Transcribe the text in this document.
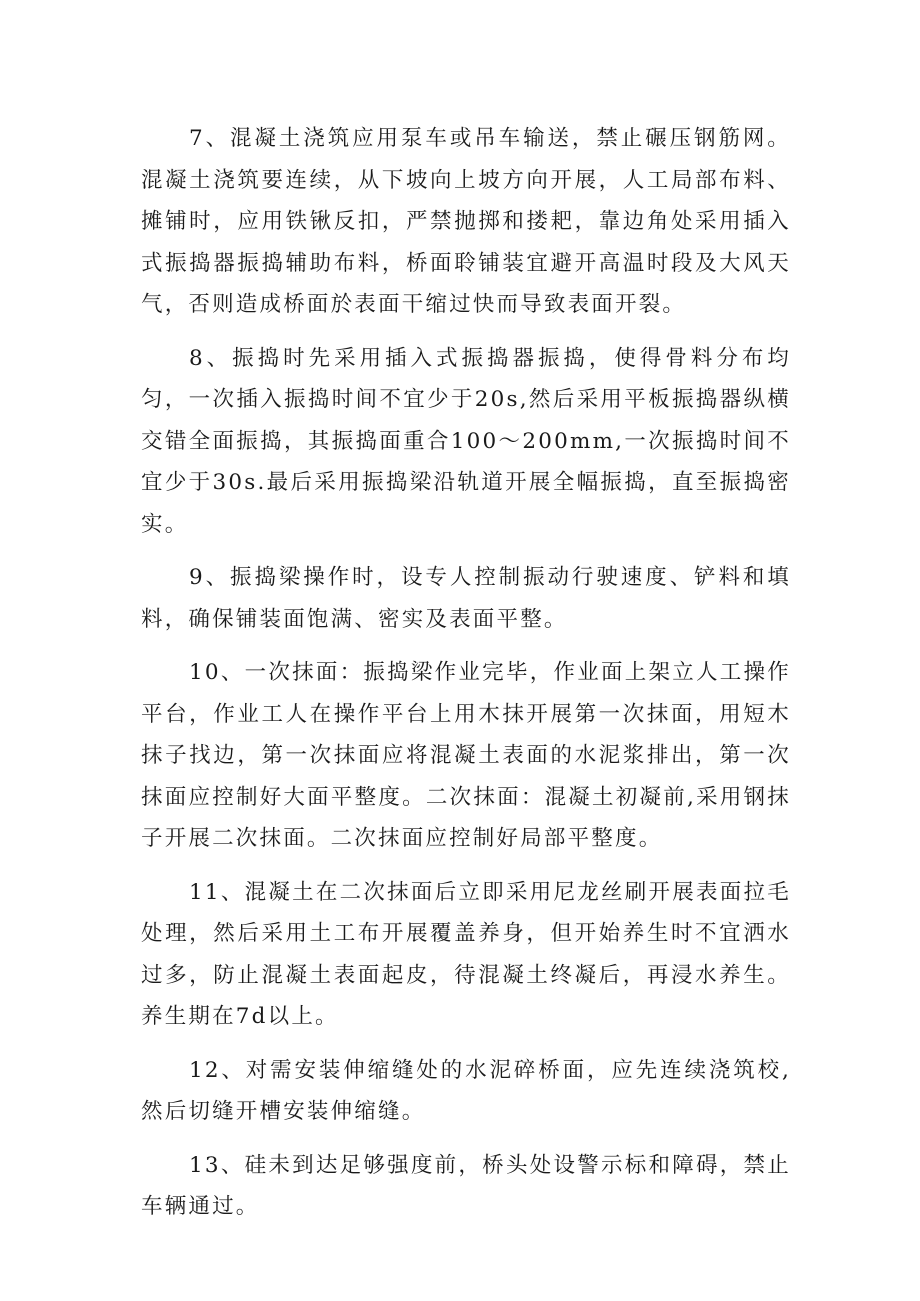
7、混凝土浇筑应用泵车或吊车输送，禁止碾压钢筋网。混凝土浇筑要连续，从下坡向上坡方向开展，人工局部布料、摊铺时，应用铁锹反扣，严禁抛掷和搂耙，靠边角处采用插入式振捣器振捣辅助布料，桥面聆铺装宜避开高温时段及大风天气，否则造成桥面於表面干缩过快而导致表面开裂。

8、振捣时先采用插入式振捣器振捣，使得骨料分布均匀，一次插入振捣时间不宜少于20s,然后采用平板振捣器纵横交错全面振捣，其振捣面重合100～200mm,一次振捣时间不宜少于30s.最后采用振捣梁沿轨道开展全幅振捣，直至振捣密实。

9、振捣梁操作时，设专人控制振动行驶速度、铲料和填料，确保铺装面饱满、密实及表面平整。

10、一次抹面：振捣梁作业完毕，作业面上架立人工操作平台，作业工人在操作平台上用木抹开展第一次抹面，用短木抹子找边，第一次抹面应将混凝土表面的水泥浆排出，第一次抹面应控制好大面平整度。二次抹面：混凝土初凝前,采用钢抹子开展二次抹面。二次抹面应控制好局部平整度。

11、混凝土在二次抹面后立即采用尼龙丝刷开展表面拉毛处理，然后采用土工布开展覆盖养身，但开始养生时不宜洒水过多，防止混凝土表面起皮，待混凝土终凝后，再浸水养生。养生期在7d以上。

12、对需安装伸缩缝处的水泥碎桥面，应先连续浇筑校,然后切缝开槽安装伸缩缝。

13、硅未到达足够强度前，桥头处设警示标和障碍，禁止车辆通过。
